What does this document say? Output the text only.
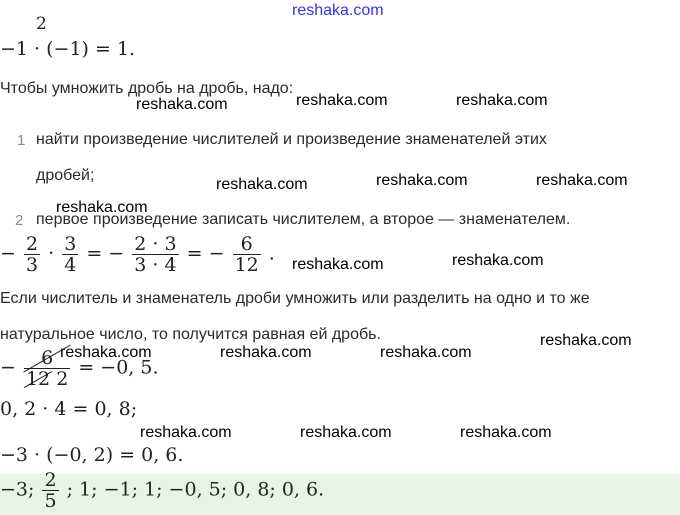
reshaka.com
2
−1 · (−1) = 1.
Чтобы умножить дробь на дробь, надо:
reshaka.com	reshaka.com	reshaka.com
1 найти произведение числителей и произведение знаменателей этих
дробей;
reshaka.com	reshaka.com	reshaka.com
reshaka.com
2 первое произведение записать числителем, а второе — знаменателем.
− $\frac{2}{3} \cdot \frac{3}{4}$ = − $\frac{2 \cdot 3}{3 \cdot 4}$ = − $\frac{6}{12}$ . reshaka.com	reshaka.com
Если числитель и знаменатель дроби умножить или разделить на одно и то же
натуральное число, то получится равная ей дробь.	reshaka.com
reshaka.com	reshaka.com	reshaka.com
− $\frac{6}{12 2} = -0$, 5.
0, 2 · 4 = 0, 8;
reshaka.com	reshaka.com	reshaka.com
−3 · (−0, 2) = 0, 6.
−3; $\frac{2}{5}$ ; 1; −1; 1; −0, 5; 0, 8; 0, 6.
